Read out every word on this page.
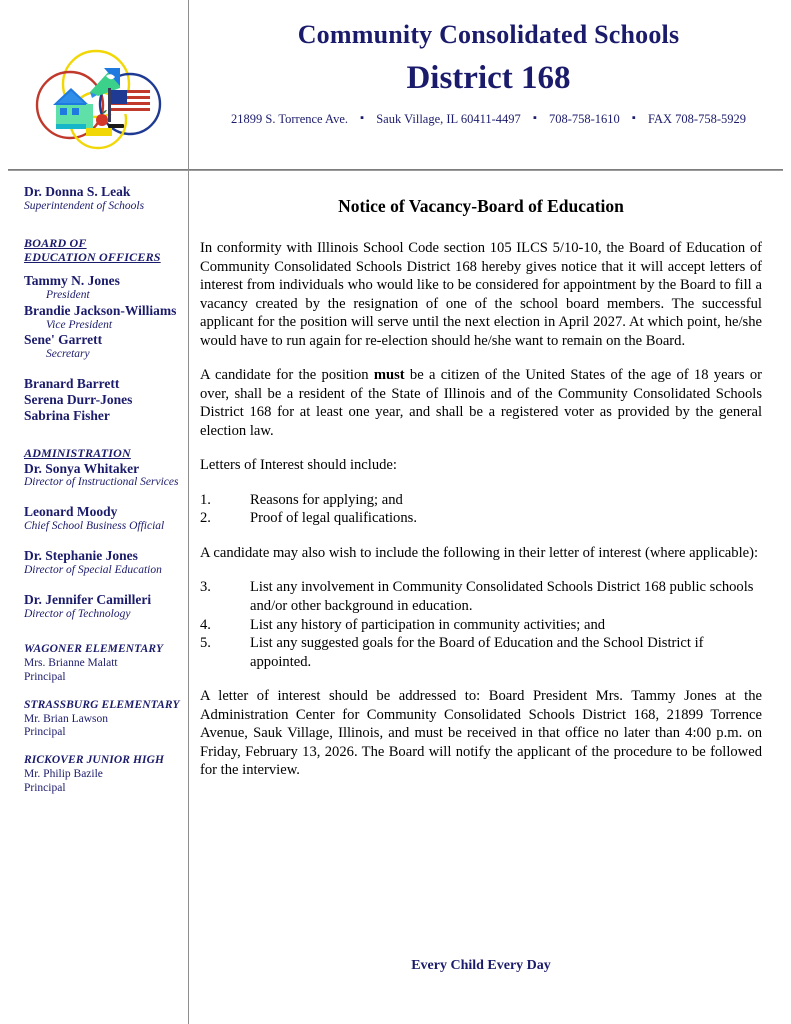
Community Consolidated Schools
District 168
21899 S. Torrence Ave. ▪ Sauk Village, IL 60411-4497 ▪ 708-758-1610 ▪ FAX 708-758-5929
Dr. Donna S. Leak
Superintendent of Schools
BOARD OF
EDUCATION OFFICERS
Tammy N. Jones
President
Brandie Jackson-Williams
Vice President
Sene' Garrett
Secretary
Branard Barrett
Serena Durr-Jones
Sabrina Fisher
ADMINISTRATION
Dr. Sonya Whitaker
Director of Instructional Services
Leonard Moody
Chief School Business Official
Dr. Stephanie Jones
Director of Special Education
Dr. Jennifer Camilleri
Director of Technology
WAGONER ELEMENTARY
Mrs. Brianne Malatt
Principal
STRASSBURG ELEMENTARY
Mr. Brian Lawson
Principal
RICKOVER JUNIOR HIGH
Mr. Philip Bazile
Principal
Notice of Vacancy-Board of Education
In conformity with Illinois School Code section 105 ILCS 5/10-10, the Board of Education of Community Consolidated Schools District 168 hereby gives notice that it will accept letters of interest from individuals who would like to be considered for appointment by the Board to fill a vacancy created by the resignation of one of the school board members. The successful applicant for the position will serve until the next election in April 2027. At which point, he/she would have to run again for re-election should he/she want to remain on the Board.
A candidate for the position must be a citizen of the United States of the age of 18 years or over, shall be a resident of the State of Illinois and of the Community Consolidated Schools District 168 for at least one year, and shall be a registered voter as provided by the general election law.
Letters of Interest should include:
1.	Reasons for applying; and
2.	Proof of legal qualifications.
A candidate may also wish to include the following in their letter of interest (where applicable):
3.	List any involvement in Community Consolidated Schools District 168 public schools and/or other background in education.
4.	List any history of participation in community activities; and
5.	List any suggested goals for the Board of Education and the School District if appointed.
A letter of interest should be addressed to: Board President Mrs. Tammy Jones at the Administration Center for Community Consolidated Schools District 168, 21899 Torrence Avenue, Sauk Village, Illinois, and must be received in that office no later than 4:00 p.m. on Friday, February 13, 2026. The Board will notify the applicant of the procedure to be followed for the interview.
Every Child Every Day
